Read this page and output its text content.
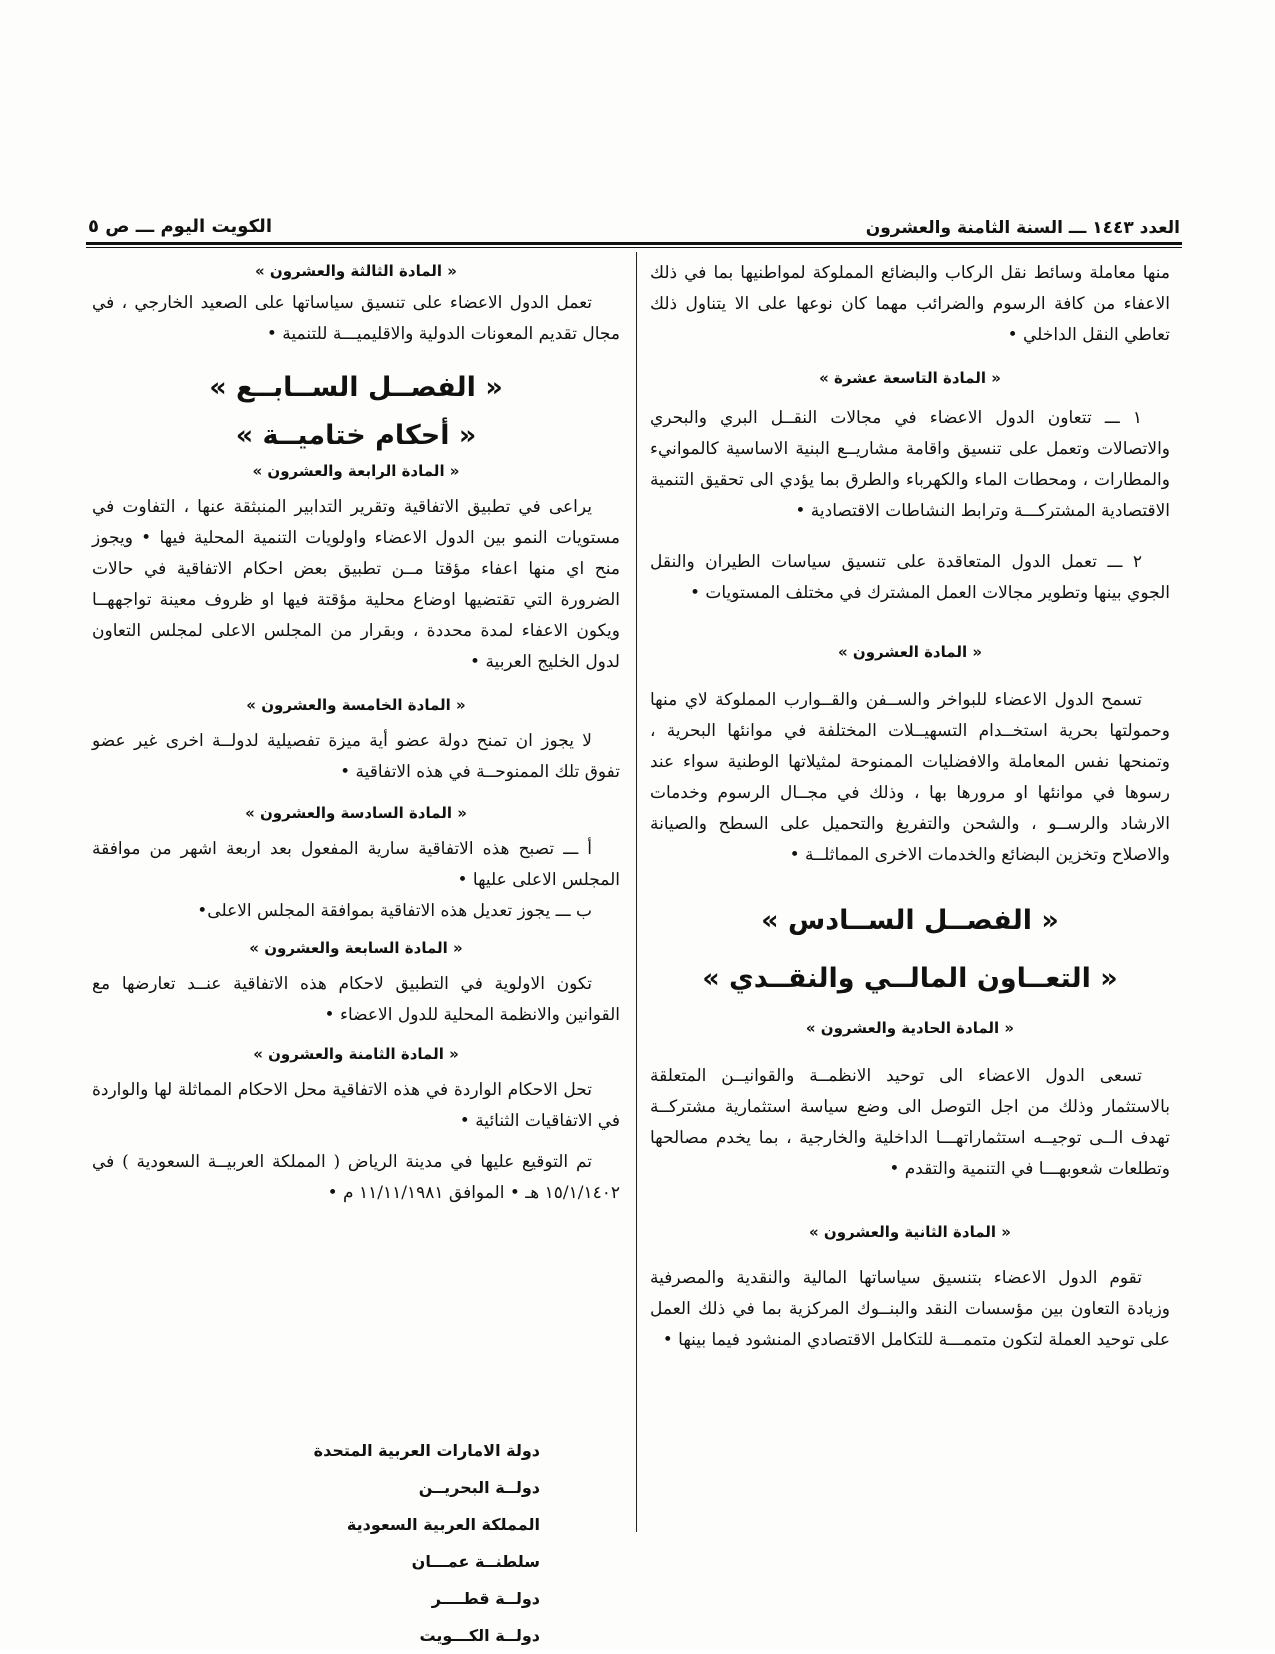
العدد ١٤٤٣ ـــ السنة الثامنة والعشرون
الكويت اليوم ـــ ص ٥

منها معاملة وسائط نقل الركاب والبضائع المملوكة لمواطنيها بما في ذلك الاعفاء من كافة الرسوم والضرائب مهما كان نوعها على الا يتناول ذلك تعاطي النقل الداخلي •

« المادة التاسعة عشرة »

١ ـــ تتعاون الدول الاعضاء في مجالات النقــل البري والبحري والاتصالات وتعمل على تنسيق واقامة مشاريــع البنية الاساسية كالموانيء والمطارات ، ومحطات الماء والكهرباء والطرق بما يؤدي الى تحقيق التنمية الاقتصادية المشتركـــة وترابط النشاطات الاقتصادية •

٢ ـــ تعمل الدول المتعاقدة على تنسيق سياسات الطيران والنقل الجوي بينها وتطوير مجالات العمل المشترك في مختلف المستويات •

« المادة العشرون »

تسمح الدول الاعضاء للبواخر والســفن والقــوارب المملوكة لاي منها وحمولتها بحرية استخــدام التسهيــلات المختلفة في موانئها البحرية ، وتمنحها نفس المعاملة والافضليات الممنوحة لمثيلاتها الوطنية سواء عند رسوها في موانئها او مرورها بها ، وذلك في مجــال الرسوم وخدمات الارشاد والرســو ، والشحن والتفريغ والتحميل على السطح والصيانة والاصلاح وتخزين البضائع والخدمات الاخرى المماثلــة •

« الفصــل الســادس »

« التعــاون المالــي والنقــدي »

« المادة الحادية والعشرون »

تسعى الدول الاعضاء الى توحيد الانظمــة والقوانيــن المتعلقة بالاستثمار وذلك من اجل التوصل الى وضع سياسة استثمارية مشتركــة تهدف الــى توجيــه استثماراتهـــا الداخلية والخارجية ، بما يخدم مصالحها وتطلعات شعوبهـــا في التنمية والتقدم •

« المادة الثانية والعشرون »

تقوم الدول الاعضاء بتنسيق سياساتها المالية والنقدية والمصرفية وزيادة التعاون بين مؤسسات النقد والبنــوك المركزية بما في ذلك العمل على توحيد العملة لتكون متممـــة للتكامل الاقتصادي المنشود فيما بينها •

« المادة الثالثة والعشرون »

تعمل الدول الاعضاء على تنسيق سياساتها على الصعيد الخارجي ، في مجال تقديم المعونات الدولية والاقليميـــة للتنمية •

« الفصــل الســابــع »

« أحكام ختاميــة »

« المادة الرابعة والعشرون »

يراعى في تطبيق الاتفاقية وتقرير التدابير المنبثقة عنها ، التفاوت في مستويات النمو بين الدول الاعضاء واولويات التنمية المحلية فيها • ويجوز منح اي منها اعفاء مؤقتا مــن تطبيق بعض احكام الاتفاقية في حالات الضرورة التي تقتضيها اوضاع محلية مؤقتة فيها او ظروف معينة تواجههــا ويكون الاعفاء لمدة محددة ، وبقرار من المجلس الاعلى لمجلس التعاون لدول الخليج العربية •

« المادة الخامسة والعشرون »

لا يجوز ان تمنح دولة عضو أية ميزة تفصيلية لدولــة اخرى غير عضو تفوق تلك الممنوحــة في هذه الاتفاقية •

« المادة السادسة والعشرون »

أ ـــ تصبح هذه الاتفاقية سارية المفعول بعد اربعة اشهر من موافقة المجلس الاعلى عليها •

ب ـــ يجوز تعديل هذه الاتفاقية بموافقة المجلس الاعلى•

« المادة السابعة والعشرون »

تكون الاولوية في التطبيق لاحكام هذه الاتفاقية عنــد تعارضها مع القوانين والانظمة المحلية للدول الاعضاء •

« المادة الثامنة والعشرون »

تحل الاحكام الواردة في هذه الاتفاقية محل الاحكام المماثلة لها والواردة في الاتفاقيات الثنائية •

تم التوقيع عليها في مدينة الرياض ( المملكة العربيــة السعودية ) في ١٥/١/١٤٠٢ هـ • الموافق ١١/١١/١٩٨١ م •

دولة الامارات العربية المتحدة

دولــة البحريــن

المملكة العربية السعودية

سلطنــة عمـــان

دولــة قطــــر

دولــة الكـــويت
